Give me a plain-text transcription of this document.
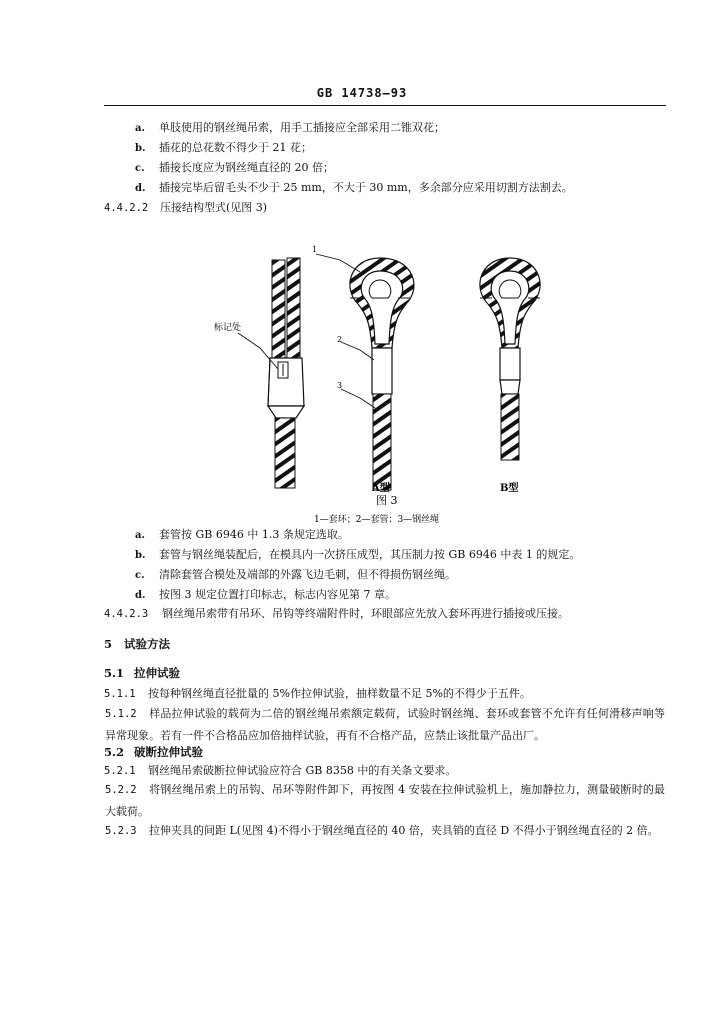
GB 14738—93
a. 单肢使用的钢丝绳吊索，用手工插接应全部采用二锥双花；
b. 插花的总花数不得少于 21 花；
c. 插接长度应为钢丝绳直径的 20 倍；
d. 插接完毕后留毛头不少于 25 mm，不大于 30 mm，多余部分应采用切割方法割去。
4.4.2.2 压接结构型式(见图 3)
标记处
1
2
3
A型	B型
图 3
1—套环；2—套管；3—钢丝绳
a. 套管按 GB 6946 中 1.3 条规定选取。
b. 套管与钢丝绳装配后，在模具内一次挤压成型，其压制力按 GB 6946 中表 1 的规定。
c. 清除套管合模处及端部的外露飞边毛刺，但不得损伤钢丝绳。
d. 按图 3 规定位置打印标志，标志内容见第 7 章。
4.4.2.3 钢丝绳吊索带有吊环、吊钩等终端附件时，环眼部应先放入套环再进行插接或压接。
5 试验方法
5.1 拉伸试验
5.1.1 按每种钢丝绳直径批量的 5%作拉伸试验，抽样数量不足 5%的不得少于五件。
5.1.2 样品拉伸试验的载荷为二倍的钢丝绳吊索额定载荷，试验时钢丝绳、套环或套管不允许有任何滑移声响等异常现象。若有一件不合格品应加倍抽样试验，再有不合格产品，应禁止该批量产品出厂。
5.2 破断拉伸试验
5.2.1 钢丝绳吊索破断拉伸试验应符合 GB 8358 中的有关条文要求。
5.2.2 将钢丝绳吊索上的吊钩、吊环等附件卸下，再按图 4 安装在拉伸试验机上，施加静拉力，测量破断时的最大载荷。
5.2.3 拉伸夹具的间距 L(见图 4)不得小于钢丝绳直径的 40 倍，夹具销的直径 D 不得小于钢丝绳直径的 2 倍。
